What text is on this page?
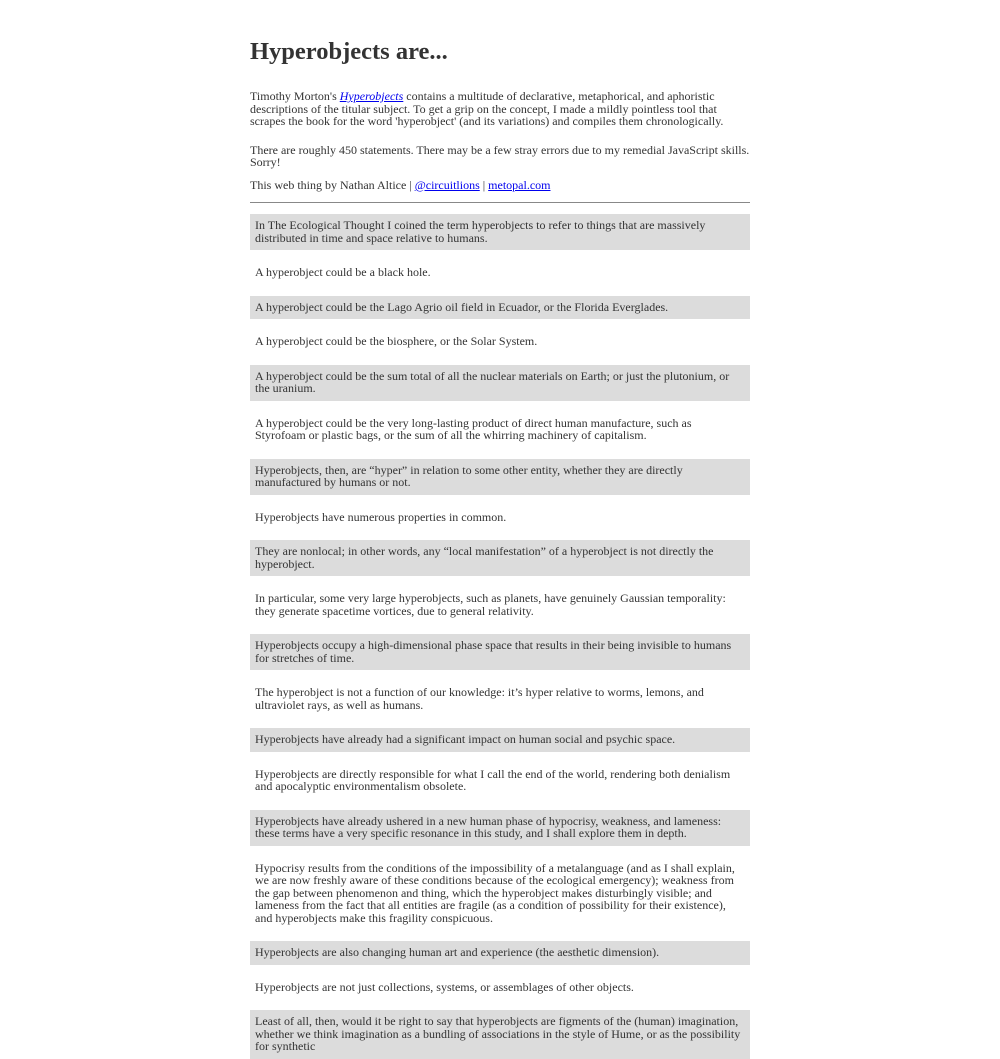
Hyperobjects are...

Timothy Morton's Hyperobjects contains a multitude of declarative, metaphorical, and aphoristic descriptions of the titular subject. To get a grip on the concept, I made a mildly pointless tool that scrapes the book for the word 'hyperobject' (and its variations) and compiles them chronologically.

There are roughly 450 statements. There may be a few stray errors due to my remedial JavaScript skills. Sorry!

This web thing by Nathan Altice | @circuitlions | metopal.com

In The Ecological Thought I coined the term hyperobjects to refer to things that are massively distributed in time and space relative to humans.
A hyperobject could be a black hole.
A hyperobject could be the Lago Agrio oil field in Ecuador, or the Florida Everglades.
A hyperobject could be the biosphere, or the Solar System.
A hyperobject could be the sum total of all the nuclear materials on Earth; or just the plutonium, or the uranium.
A hyperobject could be the very long-lasting product of direct human manufacture, such as Styrofoam or plastic bags, or the sum of all the whirring machinery of capitalism.
Hyperobjects, then, are “hyper” in relation to some other entity, whether they are directly manufactured by humans or not.
Hyperobjects have numerous properties in common.
They are nonlocal; in other words, any “local manifestation” of a hyperobject is not directly the hyperobject.
In particular, some very large hyperobjects, such as planets, have genuinely Gaussian temporality: they generate spacetime vortices, due to general relativity.
Hyperobjects occupy a high-dimensional phase space that results in their being invisible to humans for stretches of time.
The hyperobject is not a function of our knowledge: it’s hyper relative to worms, lemons, and ultraviolet rays, as well as humans.
Hyperobjects have already had a significant impact on human social and psychic space.
Hyperobjects are directly responsible for what I call the end of the world, rendering both denialism and apocalyptic environmentalism obsolete.
Hyperobjects have already ushered in a new human phase of hypocrisy, weakness, and lameness: these terms have a very specific resonance in this study, and I shall explore them in depth.
Hypocrisy results from the conditions of the impossibility of a metalanguage (and as I shall explain, we are now freshly aware of these conditions because of the ecological emergency); weakness from the gap between phenomenon and thing, which the hyperobject makes disturbingly visible; and lameness from the fact that all entities are fragile (as a condition of possibility for their existence), and hyperobjects make this fragility conspicuous.
Hyperobjects are also changing human art and experience (the aesthetic dimension).
Hyperobjects are not just collections, systems, or assemblages of other objects.
Least of all, then, would it be right to say that hyperobjects are figments of the (human) imagination, whether we think imagination as a bundling of associations in the style of Hume, or as the possibility for synthetic
